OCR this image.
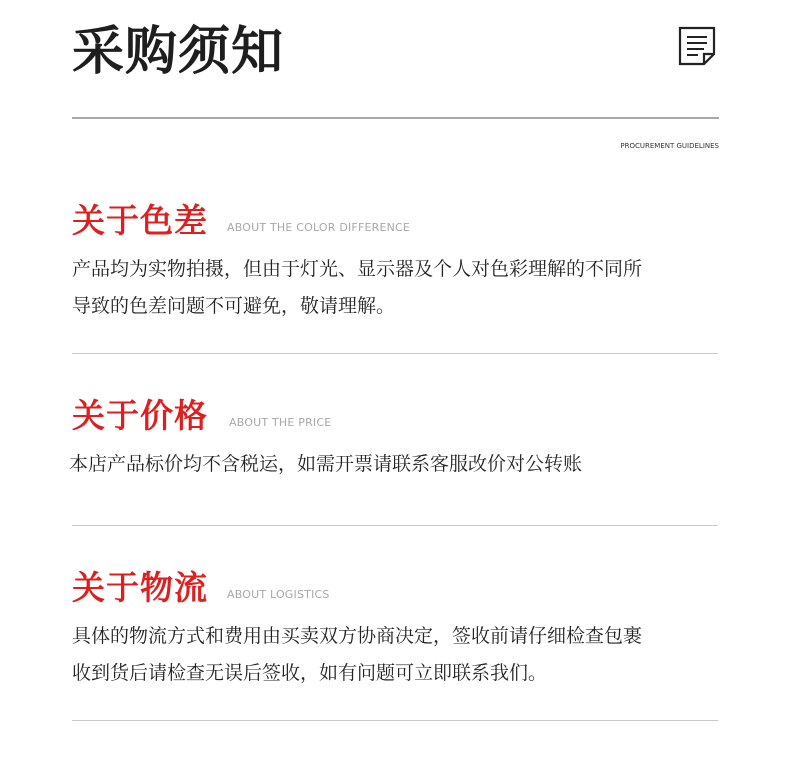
采购须知
PROCUREMENT GUIDELINES
关于色差 ABOUT THE COLOR DIFFERENCE

产品均为实物拍摄，但由于灯光、显示器及个人对色彩理解的不同所

导致的色差问题不可避免，敬请理解。

关于价格 ABOUT THE PRICE

本店产品标价均不含税运，如需开票请联系客服改价对公转账

关于物流 ABOUT LOGISTICS

具体的物流方式和费用由买卖双方协商决定，签收前请仔细检查包裹

收到货后请检查无误后签收，如有问题可立即联系我们。
